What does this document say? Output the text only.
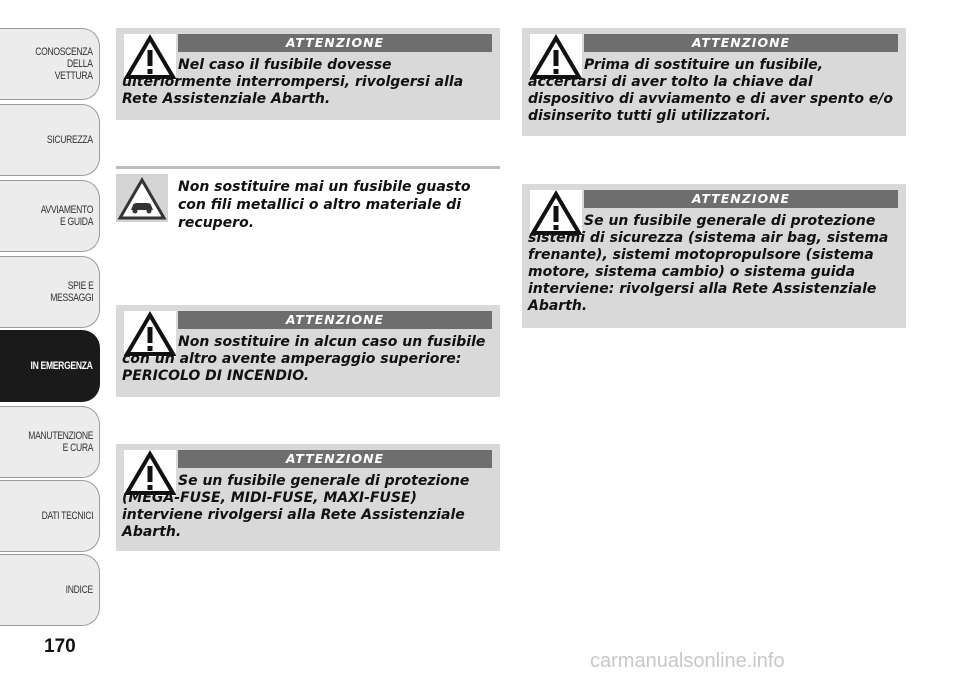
CONOSCENZA
DELLA
VETTURA
SICUREZZA
AVVIAMENTO
E GUIDA
SPIE E
MESSAGGI
IN EMERGENZA
MANUTENZIONE
E CURA
DATI TECNICI
INDICE
170
ATTENZIONE
Nel caso il fusibile dovesse ulteriormente interrompersi, rivolgersi alla Rete Assistenziale Abarth.
Non sostituire mai un fusibile guasto con fili metallici o altro materiale di recupero.
ATTENZIONE
Non sostituire in alcun caso un fusibile con un altro avente amperaggio superiore: PERICOLO DI INCENDIO.
ATTENZIONE
Se un fusibile generale di protezione (MEGA-FUSE, MIDI-FUSE, MAXI-FUSE) interviene rivolgersi alla Rete Assistenziale Abarth.
ATTENZIONE
Prima di sostituire un fusibile, accertarsi di aver tolto la chiave dal dispositivo di avviamento e di aver spento e/o disinserito tutti gli utilizzatori.
ATTENZIONE
Se un fusibile generale di protezione sistemi di sicurezza (sistema air bag, sistema frenante), sistemi motopropulsore (sistema motore, sistema cambio) o sistema guida interviene: rivolgersi alla Rete Assistenziale Abarth.
carmanualsonline.info
